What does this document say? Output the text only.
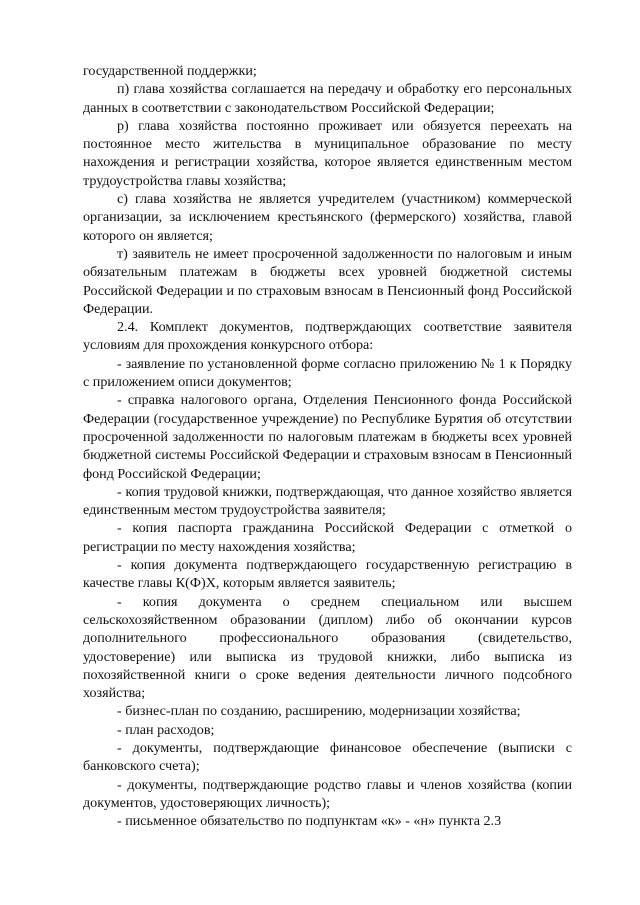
государственной поддержки;

п) глава хозяйства соглашается на передачу и обработку его персональных данных в соответствии с законодательством Российской Федерации;

р) глава хозяйства постоянно проживает или обязуется переехать на постоянное место жительства в муниципальное образование по месту нахождения и регистрации хозяйства, которое является единственным местом трудоустройства главы хозяйства;

с) глава хозяйства не является учредителем (участником) коммерческой организации, за исключением крестьянского (фермерского) хозяйства, главой которого он является;

т) заявитель не имеет просроченной задолженности по налоговым и иным обязательным платежам в бюджеты всех уровней бюджетной системы Российской Федерации и по страховым взносам в Пенсионный фонд Российской Федерации.

2.4. Комплект документов, подтверждающих соответствие заявителя условиям для прохождения конкурсного отбора:

- заявление по установленной форме согласно приложению № 1 к Порядку с приложением описи документов;

- справка налогового органа, Отделения Пенсионного фонда Российской Федерации (государственное учреждение) по Республике Бурятия об отсутствии просроченной задолженности по налоговым платежам в бюджеты всех уровней бюджетной системы Российской Федерации и страховым взносам в Пенсионный фонд Российской Федерации;

- копия трудовой книжки, подтверждающая, что данное хозяйство является единственным местом трудоустройства заявителя;

- копия паспорта гражданина Российской Федерации с отметкой о регистрации по месту нахождения хозяйства;

- копия документа подтверждающего государственную регистрацию в качестве главы К(Ф)Х, которым является заявитель;

- копия документа о среднем специальном или высшем сельскохозяйственном образовании (диплом) либо об окончании курсов дополнительного профессионального образования (свидетельство, удостоверение) или выписка из трудовой книжки, либо выписка из похозяйственной книги о сроке ведения деятельности личного подсобного хозяйства;

- бизнес-план по созданию, расширению, модернизации хозяйства;

- план расходов;

- документы, подтверждающие финансовое обеспечение (выписки с банковского счета);

- документы, подтверждающие родство главы и членов хозяйства (копии документов, удостоверяющих личность);

- письменное обязательство по подпунктам «к» - «н» пункта 2.3
